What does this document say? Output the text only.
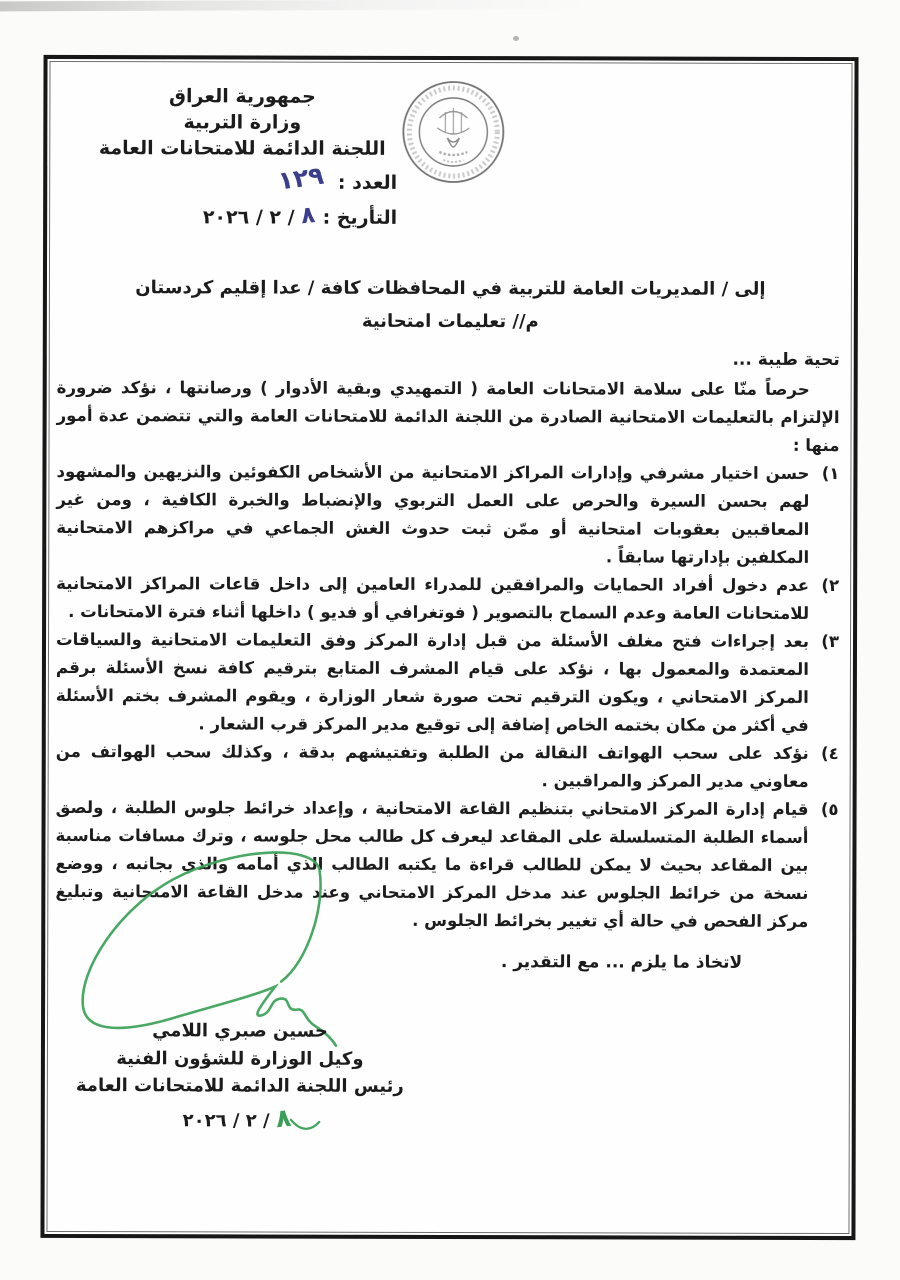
جمهورية العراق
وزارة التربية
اللجنة الدائمة للامتحانات العامة
العدد :١٢٩
التأريخ :٨/ ٢ / ٢٠٢٦
إلى / المديريات العامة للتربية في المحافظات كافة / عدا إقليم كردستان
م// تعليمات امتحانية
تحية طيبة ...

حرصاً منّا على سلامة الامتحانات العامة ( التمهيدي وبقية الأدوار ) ورصانتها ، نؤكد ضرورة الإلتزام بالتعليمات الامتحانية الصادرة من اللجنة الدائمة للامتحانات العامة والتي تتضمن عدة أمور منها :

١)
حسن اختيار مشرفي وإدارات المراكز الامتحانية من الأشخاص الكفوئين والنزيهين والمشهود لهم بحسن السيرة والحرص على العمل التربوي والإنضباط والخبرة الكافية ، ومن غير المعاقبين بعقوبات امتحانية أو ممّن ثبت حدوث الغش الجماعي في مراكزهم الامتحانية المكلفين بإدارتها سابقاً .
٢)
عدم دخول أفراد الحمايات والمرافقين للمدراء العامين إلى داخل قاعات المراكز الامتحانية للامتحانات العامة وعدم السماح بالتصوير ( فوتغرافي أو فديو ) داخلها أثناء فترة الامتحانات .
٣)
بعد إجراءات فتح مغلف الأسئلة من قبل إدارة المركز وفق التعليمات الامتحانية والسياقات المعتمدة والمعمول بها ، نؤكد على قيام المشرف المتابع بترقيم كافة نسخ الأسئلة برقم المركز الامتحاني ، ويكون الترقيم تحت صورة شعار الوزارة ، ويقوم المشرف بختم الأسئلة في أكثر من مكان بختمه الخاص إضافة إلى توقيع مدير المركز قرب الشعار .
٤)
نؤكد على سحب الهواتف النقالة من الطلبة وتفتيشهم بدقة ، وكذلك سحب الهواتف من معاوني مدير المركز والمراقبين .
٥)
قيام إدارة المركز الامتحاني بتنظيم القاعة الامتحانية ، وإعداد خرائط جلوس الطلبة ، ولصق أسماء الطلبة المتسلسلة على المقاعد ليعرف كل طالب محل جلوسه ، وترك مسافات مناسبة بين المقاعد بحيث لا يمكن للطالب قراءة ما يكتبه الطالب الذي أمامه والذي بجانبه ، ووضع نسخة من خرائط الجلوس عند مدخل المركز الامتحاني وعند مدخل القاعة الامتحانية وتبليغ مركز الفحص في حالة أي تغيير بخرائط الجلوس .
لاتخاذ ما يلزم ... مع التقدير .
حسين صبري اللامي
وكيل الوزارة للشؤون الفنية
رئيس اللجنة الدائمة للامتحانات العامة
٨
/ ٢ / ٢٠٢٦
